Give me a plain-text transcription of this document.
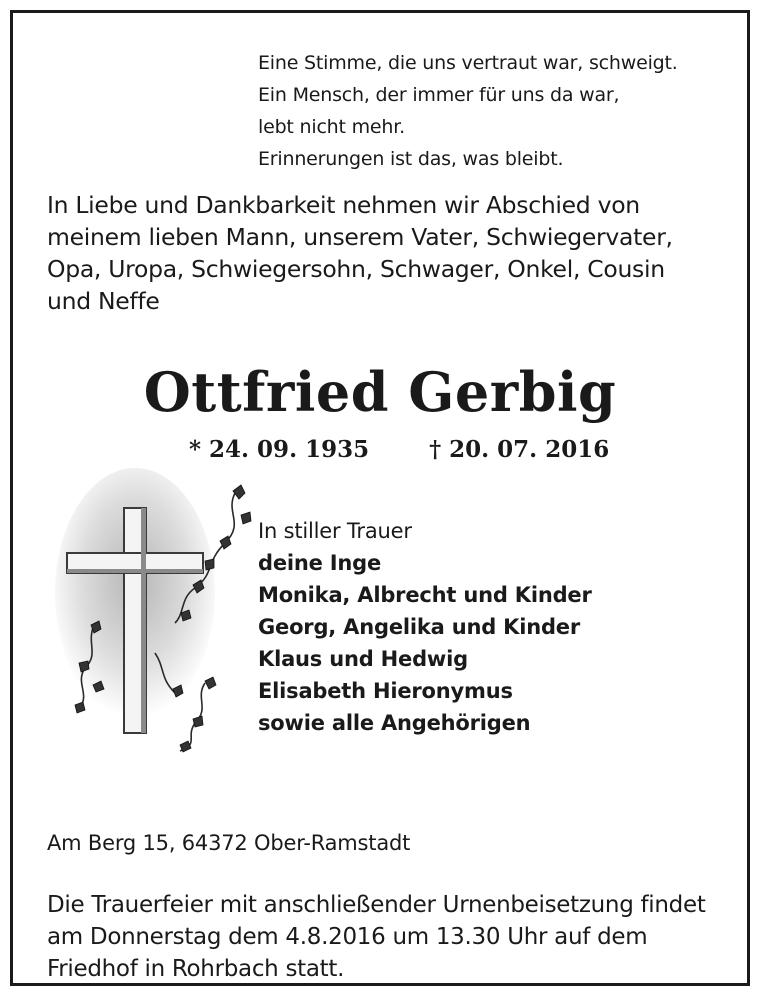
Eine Stimme, die uns vertraut war, schweigt.
Ein Mensch, der immer für uns da war,
lebt nicht mehr.
Erinnerungen ist das, was bleibt.
In Liebe und Dankbarkeit nehmen wir Abschied von
meinem lieben Mann, unserem Vater, Schwiegervater,
Opa, Uropa, Schwiegersohn, Schwager, Onkel, Cousin
und Neffe
Ottfried Gerbig
* 24. 09. 1935	† 20. 07. 2016
In stiller Trauer
deine Inge
Monika, Albrecht und Kinder
Georg, Angelika und Kinder
Klaus und Hedwig
Elisabeth Hieronymus
sowie alle Angehörigen
Am Berg 15, 64372 Ober-Ramstadt
Die Trauerfeier mit anschließender Urnenbeisetzung findet
am Donnerstag dem 4.8.2016 um 13.30 Uhr auf dem
Friedhof in Rohrbach statt.
